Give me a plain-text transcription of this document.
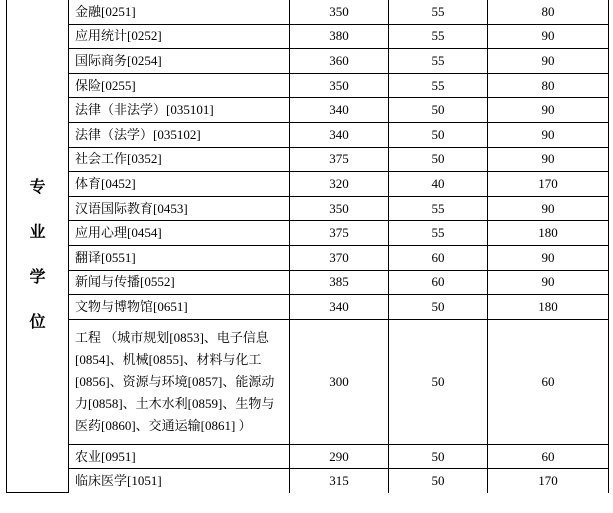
专
业
学
位	金融[0251]	350	55	80
	应用统计[0252]	380	55	90
	国际商务[0254]	360	55	90
	保险[0255]	350	55	80
	法律（非法学）[035101]	340	50	90
	法律（法学）[035102]	340	50	90
	社会工作[0352]	375	50	90
	体育[0452]	320	40	170
	汉语国际教育[0453]	350	55	90
	应用心理[0454]	375	55	180
	翻译[0551]	370	60	90
	新闻与传播[0552]	385	60	90
	文物与博物馆[0651]	340	50	180
	工程 （城市规划[0853]、电子信息[0854]、机械[0855]、材料与化工[0856]、资源与环境[0857]、能源动力[0858]、土木水利[0859]、生物与医药[0860]、交通运输[0861] ）	300	50	60
	农业[0951]	290	50	60
	临床医学[1051]	315	50	170
